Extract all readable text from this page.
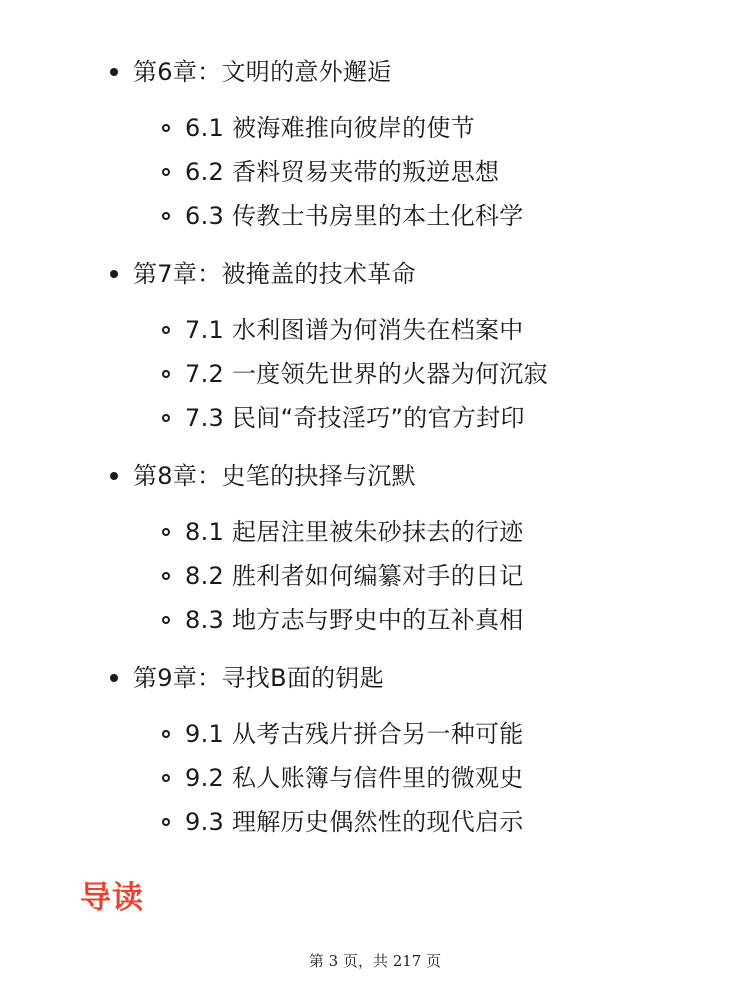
第6章：文明的意外邂逅
6.1 被海难推向彼岸的使节
6.2 香料贸易夹带的叛逆思想
6.3 传教士书房里的本土化科学
第7章：被掩盖的技术革命
7.1 水利图谱为何消失在档案中
7.2 一度领先世界的火器为何沉寂
7.3 民间“奇技淫巧”的官方封印
第8章：史笔的抉择与沉默
8.1 起居注里被朱砂抹去的行迹
8.2 胜利者如何编纂对手的日记
8.3 地方志与野史中的互补真相
第9章：寻找B面的钥匙
9.1 从考古残片拼合另一种可能
9.2 私人账簿与信件里的微观史
9.3 理解历史偶然性的现代启示
导读
第 3 页，共 217 页
